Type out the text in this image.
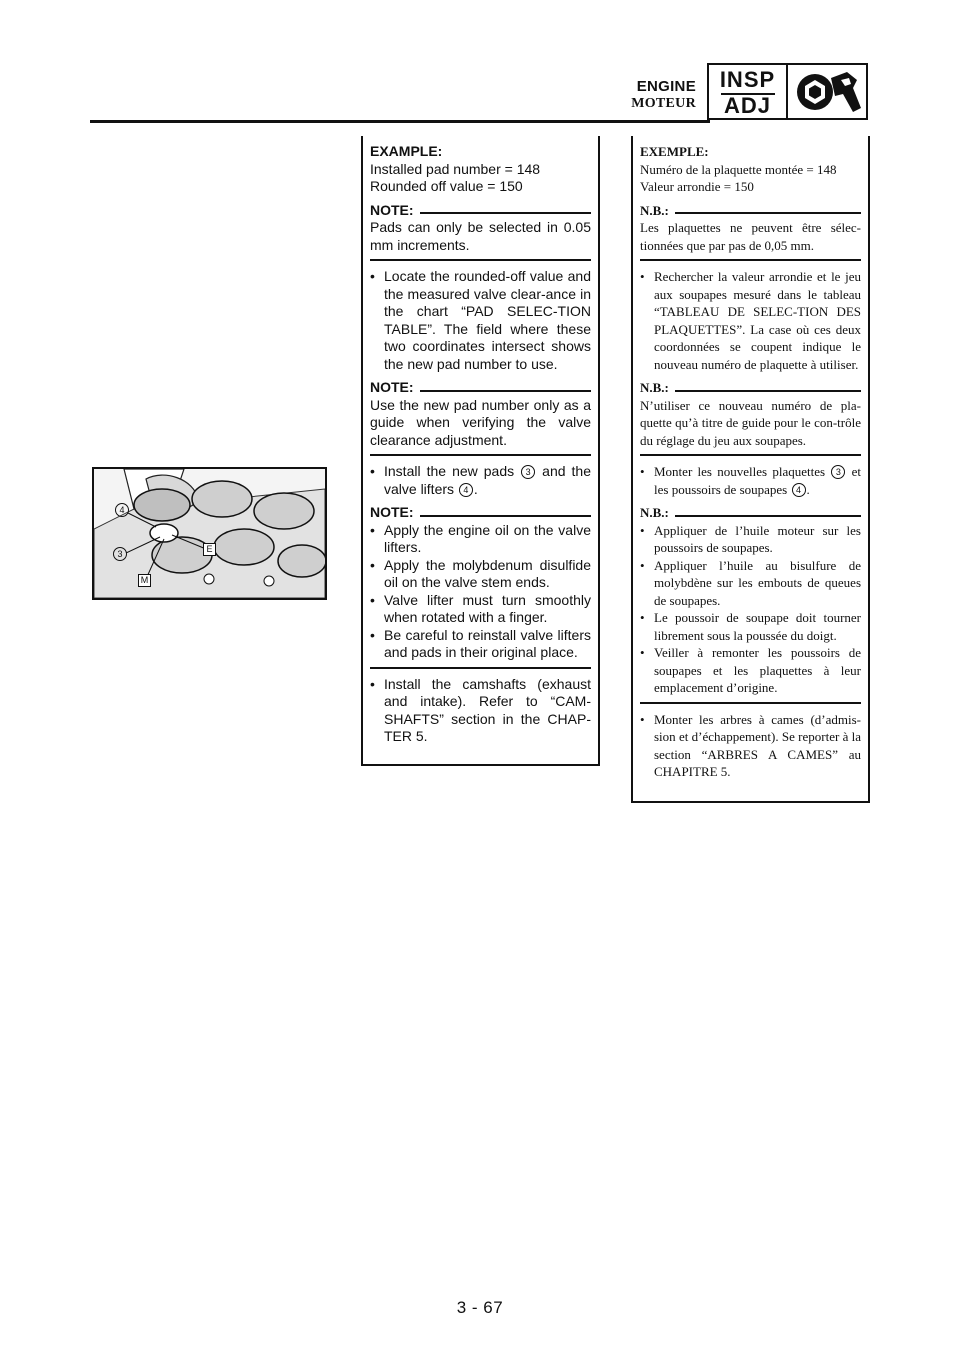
ENGINE
MOTEUR
INSP
ADJ
4
3	E
M

EXAMPLE:

Installed pad number = 148

Rounded off value = 150

NOTE:

Pads can only be selected in 0.05 mm increments.

• Locate the rounded-off value and the measured valve clear-ance in the chart “PAD SELEC-TION TABLE”. The field where these two coordinates intersect shows the new pad number to use.
NOTE:

Use the new pad number only as a guide when verifying the valve clearance adjustment.

• Install the new pads 3 and the valve lifters 4 .
NOTE:
• Apply the engine oil on the valve lifters.
• Apply the molybdenum disulfide oil on the valve stem ends.
• Valve lifter must turn smoothly when rotated with a finger.
• Be careful to reinstall valve lifters and pads in their original place.
• Install the camshafts (exhaust and intake). Refer to “CAM-SHAFTS” section in the CHAP-TER 5.

EXEMPLE:

Numéro de la plaquette montée = 148

Valeur arrondie = 150

N.B.:

Les plaquettes ne peuvent être sélec-tionnées que par pas de 0,05 mm.

• Rechercher la valeur arrondie et le jeu aux soupapes mesuré dans le tableau “TABLEAU DE SELEC-TION DES PLAQUETTES”. La case où ces deux coordonnées se coupent indique le nouveau numéro de plaquette à utiliser.
N.B.:

N’utiliser ce nouveau numéro de pla-quette qu’à titre de guide pour le con-trôle du réglage du jeu aux soupapes.

• Monter les nouvelles plaquettes 3 et les poussoirs de soupapes 4 .
N.B.:
• Appliquer de l’huile moteur sur les poussoirs de soupapes.
• Appliquer l’huile au bisulfure de molybdène sur les embouts de queues de soupapes.
• Le poussoir de soupape doit tourner librement sous la poussée du doigt.
• Veiller à remonter les poussoirs de soupapes et les plaquettes à leur emplacement d’origine.
• Monter les arbres à cames (d’admis-sion et d’échappement). Se reporter à la section “ARBRES A CAMES” au CHAPITRE 5.
3 - 67
